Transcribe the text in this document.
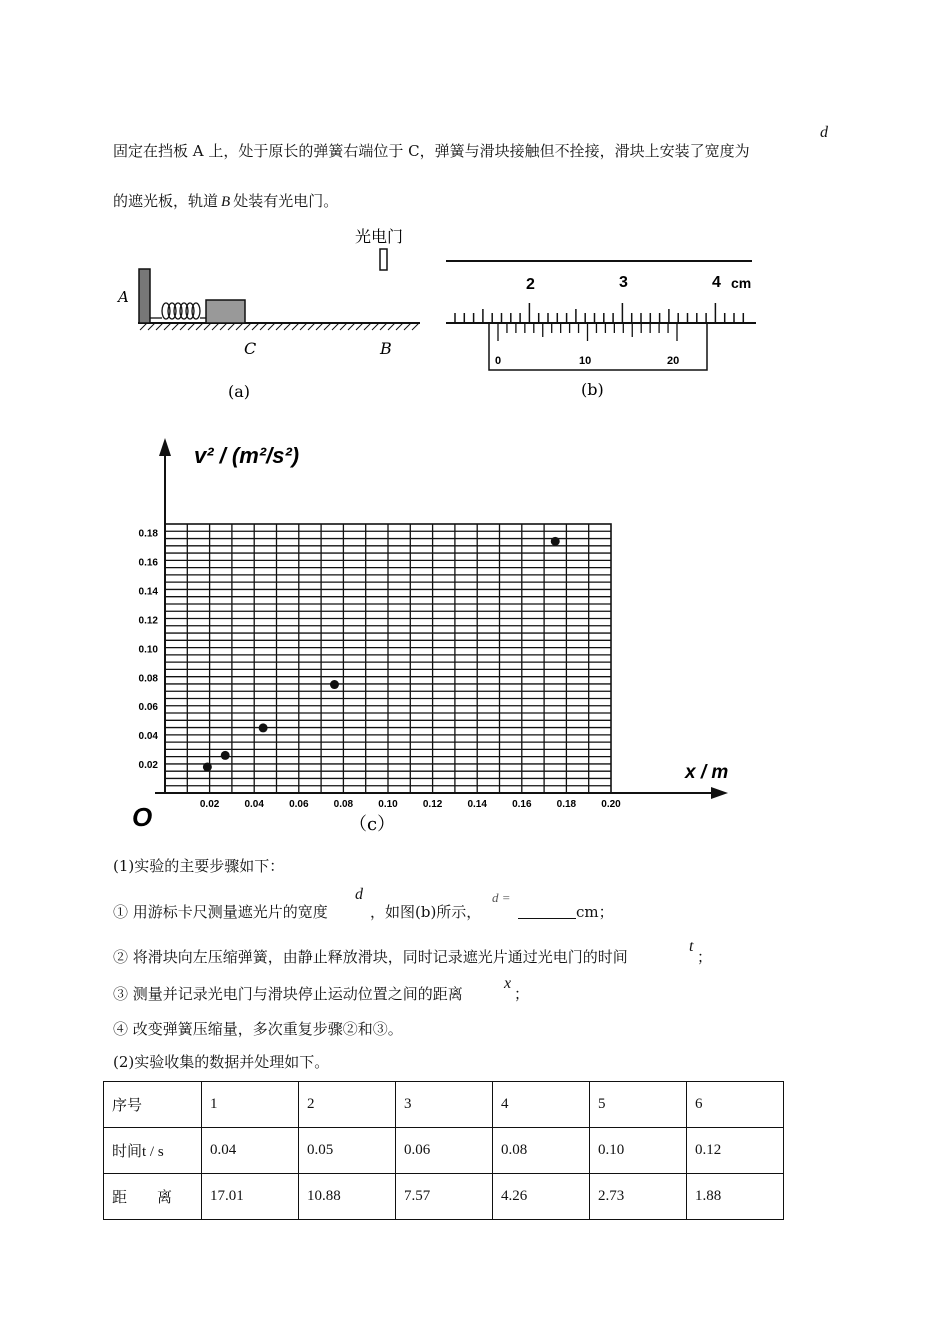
固定在挡板 A 上，处于原长的弹簧右端位于 C，弹簧与滑块接触但不拴接，滑块上安装了宽度为
d
的遮光板，轨道 B 处装有光电门。
光电门
A
C	B
(a)
2	3	4 cm
0	10	20
(b)
v² / (m²/s²)
x / m
O	0.02	0.04	0.06	0.08	0.10	0.12	0.14	0.16	0.18	0.20
0.02
0.04
0.06
0.08
0.10
0.12
0.14
0.16
0.18
（c）
(1)实验的主要步骤如下：
① 用游标卡尺测量遮光片的宽度
d
，如图(b)所示，
d =
cm；
② 将滑块向左压缩弹簧，由静止释放滑块，同时记录遮光片通过光电门的时间
t
；
③ 测量并记录光电门与滑块停止运动位置之间的距离
x
；
④ 改变弹簧压缩量，多次重复步骤②和③。
(2)实验收集的数据并处理如下。
序号	1	2	3	4	5	6
时间t / s	0.04	0.05	0.06	0.08	0.10	0.12
距　　离	17.01	10.88	7.57	4.26	2.73	1.88
